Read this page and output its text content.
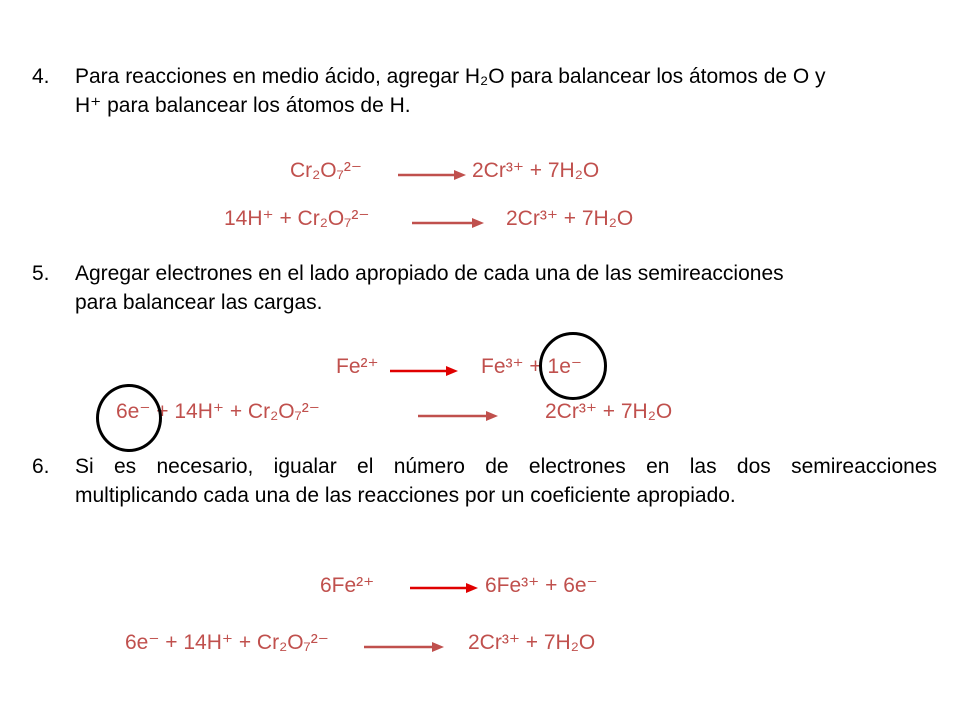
4. Para reacciones en medio ácido, agregar H₂O para balancear los átomos de O y
H⁺ para balancear los átomos de H.
Cr₂O₇²⁻ → 2Cr³⁺ + 7H₂O
14H⁺ + Cr₂O₇²⁻ → 2Cr³⁺ + 7H₂O
5. Agregar electrones en el lado apropiado de cada una de las semireacciones
para balancear las cargas.
Fe²⁺ → Fe³⁺ + 1e⁻
6e⁻ + 14H⁺ + Cr₂O₇²⁻	2Cr³⁺ + 7H₂O
6. Si es necesario, igualar el número de electrones en las dos semireacciones
multiplicando cada una de las reacciones por un coeficiente apropiado.
6Fe²⁺ → 6Fe³⁺ + 6e⁻
6e⁻ + 14H⁺ + Cr₂O₇²⁻ → 2Cr³⁺ + 7H₂O
